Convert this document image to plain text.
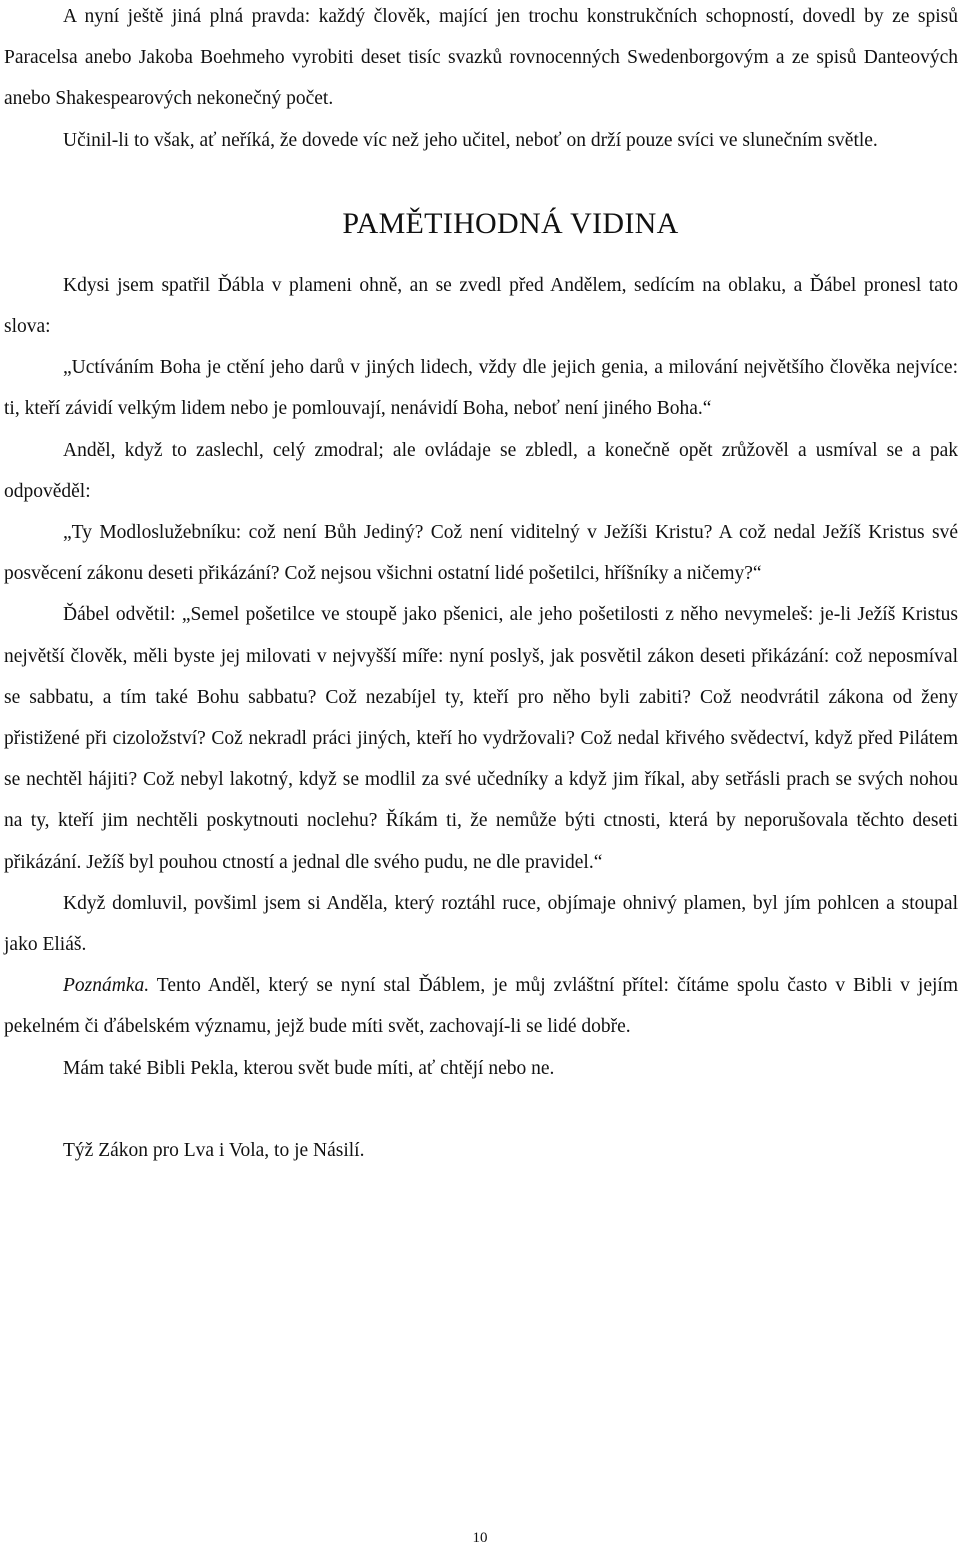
A nyní ještě jiná plná pravda: každý člověk, mající jen trochu konstrukčních schopností, dovedl by ze spisů Paracelsa anebo Jakoba Boehmeho vyrobiti deset tisíc svazků rovnocenných Swedenborgovým a ze spisů Danteových anebo Shakespearových nekonečný počet.

Učinil-li to však, ať neříká, že dovede víc než jeho učitel, neboť on drží pouze svíci ve slunečním světle.

PAMĚTIHODNÁ VIDINA

Kdysi jsem spatřil Ďábla v plameni ohně, an se zvedl před Andělem, sedícím na oblaku, a Ďábel pronesl tato slova:

„Uctíváním Boha je ctění jeho darů v jiných lidech, vždy dle jejich genia, a milování největšího člověka nejvíce: ti, kteří závidí velkým lidem nebo je pomlouvají, nenávidí Boha, neboť není jiného Boha.“

Anděl, když to zaslechl, celý zmodral; ale ovládaje se zbledl, a konečně opět zrůžověl a usmíval se a pak odpověděl:

„Ty Modloslužebníku: což není Bůh Jediný? Což není viditelný v Ježíši Kristu? A což nedal Ježíš Kristus své posvěcení zákonu deseti přikázání? Což nejsou všichni ostatní lidé pošetilci, hříšníky a ničemy?“

Ďábel odvětil: „Semel pošetilce ve stoupě jako pšenici, ale jeho pošetilosti z něho nevymeleš: je-li Ježíš Kristus největší člověk, měli byste jej milovati v nejvyšší míře: nyní poslyš, jak posvětil zákon deseti přikázání: což neposmíval se sabbatu, a tím také Bohu sabbatu? Což nezabíjel ty, kteří pro něho byli zabiti? Což neodvrátil zákona od ženy přistižené při cizoložství? Což nekradl práci jiných, kteří ho vydržovali? Což nedal křivého svědectví, když před Pilátem se nechtěl hájiti? Což nebyl lakotný, když se modlil za své učedníky a když jim říkal, aby setřásli prach se svých nohou na ty, kteří jim nechtěli poskytnouti noclehu? Říkám ti, že nemůže býti ctnosti, která by neporušovala těchto deseti přikázání. Ježíš byl pouhou ctností a jednal dle svého pudu, ne dle pravidel.“

Když domluvil, povšiml jsem si Anděla, který roztáhl ruce, objímaje ohnivý plamen, byl jím pohlcen a stoupal jako Eliáš.

Poznámka. Tento Anděl, který se nyní stal Ďáblem, je můj zvláštní přítel: čítáme spolu často v Bibli v jejím pekelném či ďábelském významu, jejž bude míti svět, zachovají-li se lidé dobře.

Mám také Bibli Pekla, kterou svět bude míti, ať chtějí nebo ne.

Týž Zákon pro Lva i Vola, to je Násilí.

10
